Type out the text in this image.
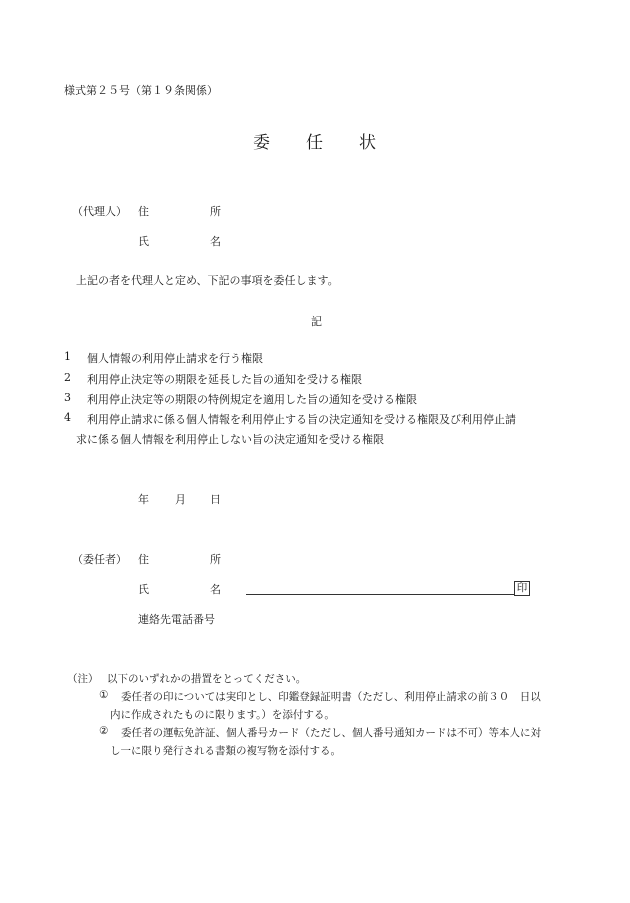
様式第２５号（第１９条関係）
委 任 状
（代理人） 住	所
氏	名
上記の者を代理人と定め、下記の事項を委任します。
記
1 個人情報の利用停止請求を行う権限
2 利用停止決定等の期限を延長した旨の通知を受ける権限
3 利用停止決定等の期限の特例規定を適用した旨の通知を受ける権限
4 利用停止請求に係る個人情報を利用停止する旨の決定通知を受ける権限及び利用停止請
求に係る個人情報を利用停止しない旨の決定通知を受ける権限
年 月 日
（委任者） 住	所
氏	名	印
連絡先電話番号
（注） 以下のいずれかの措置をとってください。
① 委任者の印については実印とし、印鑑登録証明書（ただし、利用停止請求の前３０　日以
内に作成されたものに限ります。）を添付する。
② 委任者の運転免許証、個人番号カード（ただし、個人番号通知カードは不可）等本人に対
し一に限り発行される書類の複写物を添付する。
